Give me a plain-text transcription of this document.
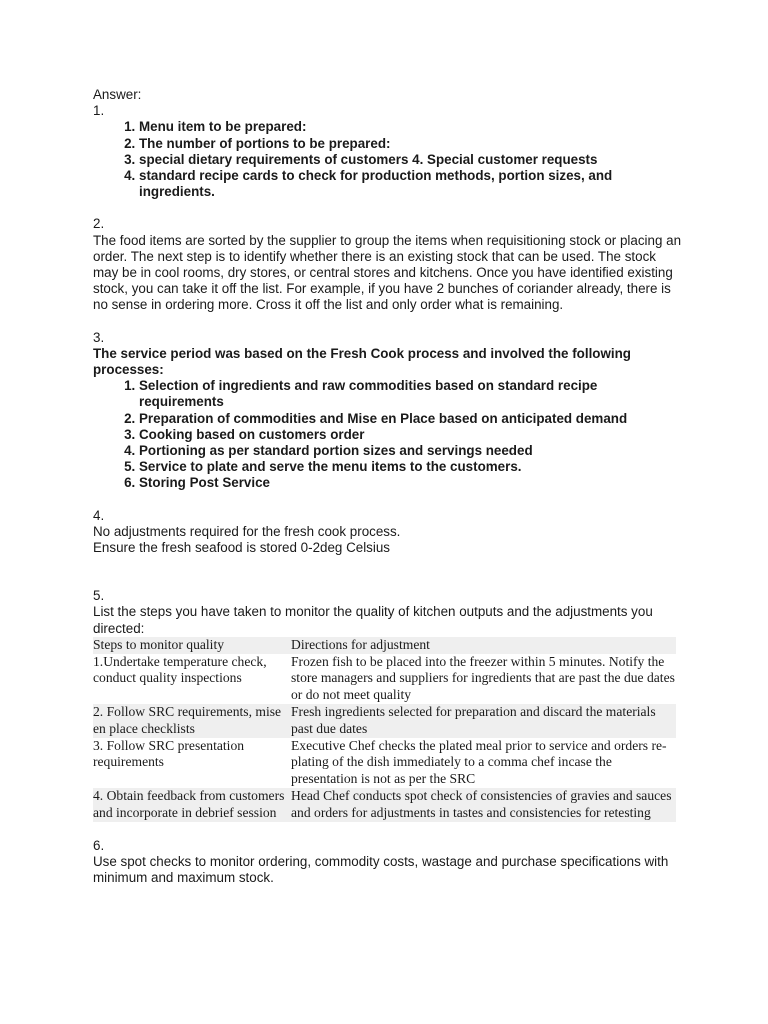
Answer:

1.

1. Menu item to be prepared:
2. The number of portions to be prepared:
3. special dietary requirements of customers 4. Special customer requests
4. standard recipe cards to check for production methods, portion sizes, and ingredients.

2.

The food items are sorted by the supplier to group the items when requisitioning stock or placing an order. The next step is to identify whether there is an existing stock that can be used. The stock may be in cool rooms, dry stores, or central stores and kitchens. Once you have identified existing stock, you can take it off the list. For example, if you have 2 bunches of coriander already, there is no sense in ordering more. Cross it off the list and only order what is remaining.

3.

The service period was based on the Fresh Cook process and involved the following processes:

1. Selection of ingredients and raw commodities based on standard recipe requirements
2. Preparation of commodities and Mise en Place based on anticipated demand
3. Cooking based on customers order
4. Portioning as per standard portion sizes and servings needed
5. Service to plate and serve the menu items to the customers.
6. Storing Post Service

4.

No adjustments required for the fresh cook process.

Ensure the fresh seafood is stored 0-2deg Celsius

5.

List the steps you have taken to monitor the quality of kitchen outputs and the adjustments you directed:

Steps to monitor quality	Directions for adjustment
1.Undertake temperature check, conduct quality inspections	Frozen fish to be placed into the freezer within 5 minutes. Notify the store managers and suppliers for ingredients that are past the due dates or do not meet quality
2. Follow SRC requirements, mise en place checklists	Fresh ingredients selected for preparation and discard the materials past due dates
3. Follow SRC presentation requirements	Executive Chef checks the plated meal prior to service and orders re-plating of the dish immediately to a comma chef incase the presentation is not as per the SRC
4. Obtain feedback from customers and incorporate in debrief session	Head Chef conducts spot check of consistencies of gravies and sauces and orders for adjustments in tastes and consistencies for retesting

6.

Use spot checks to monitor ordering, commodity costs, wastage and purchase specifications with minimum and maximum stock.
